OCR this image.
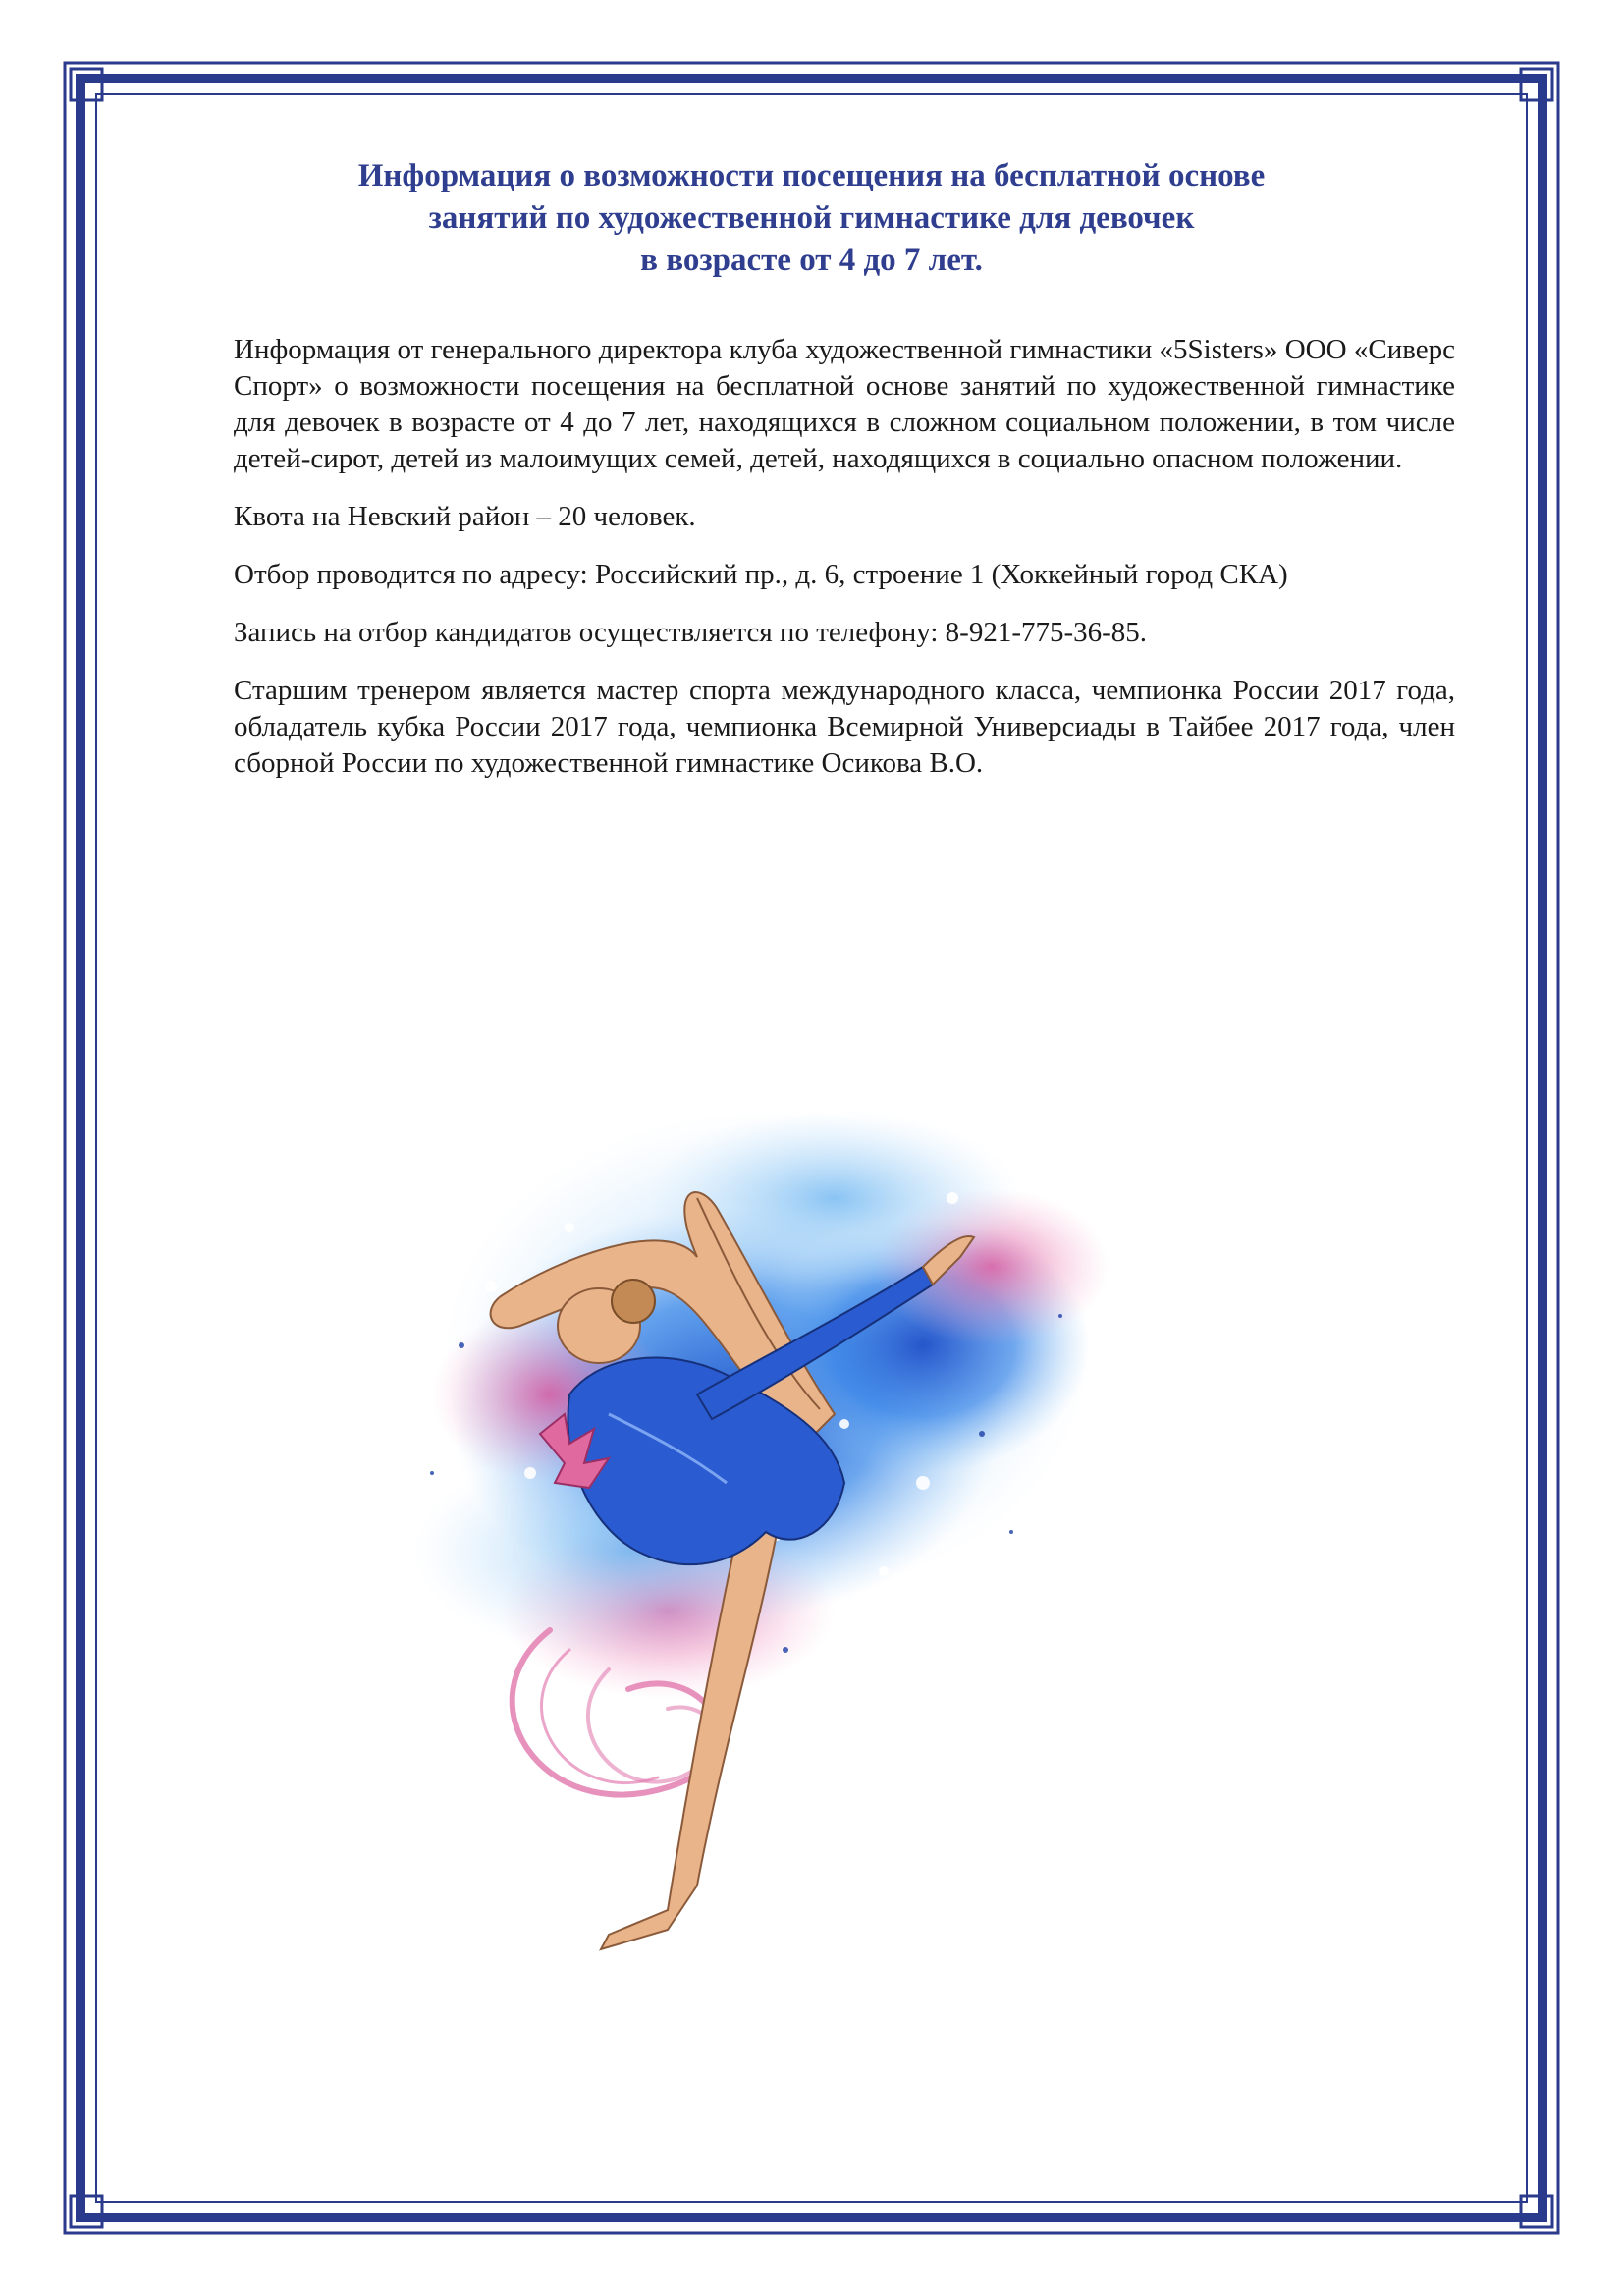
Информация о возможности посещения на бесплатной основе
занятий по художественной гимнастике для девочек
в возрасте от 4 до 7 лет.

Информация от генерального директора клуба художественной гимнастики «5Sisters» ООО «Сиверс Спорт» о возможности посещения на бесплатной основе занятий по художественной гимнастике для девочек в возрасте от 4 до 7 лет, находящихся в сложном социальном положении, в том числе детей-сирот, детей из малоимущих семей, детей, находящихся в социально опасном положении.

Квота на Невский район – 20 человек.

Отбор проводится по адресу: Российский пр., д. 6, строение 1 (Хоккейный город СКА)

Запись на отбор кандидатов осуществляется по телефону: 8-921-775-36-85.

Старшим тренером является мастер спорта международного класса, чемпионка России 2017 года, обладатель кубка России 2017 года, чемпионка Всемирной Универсиады в Тайбее 2017 года, член сборной России по художественной гимнастике Осикова В.О.
